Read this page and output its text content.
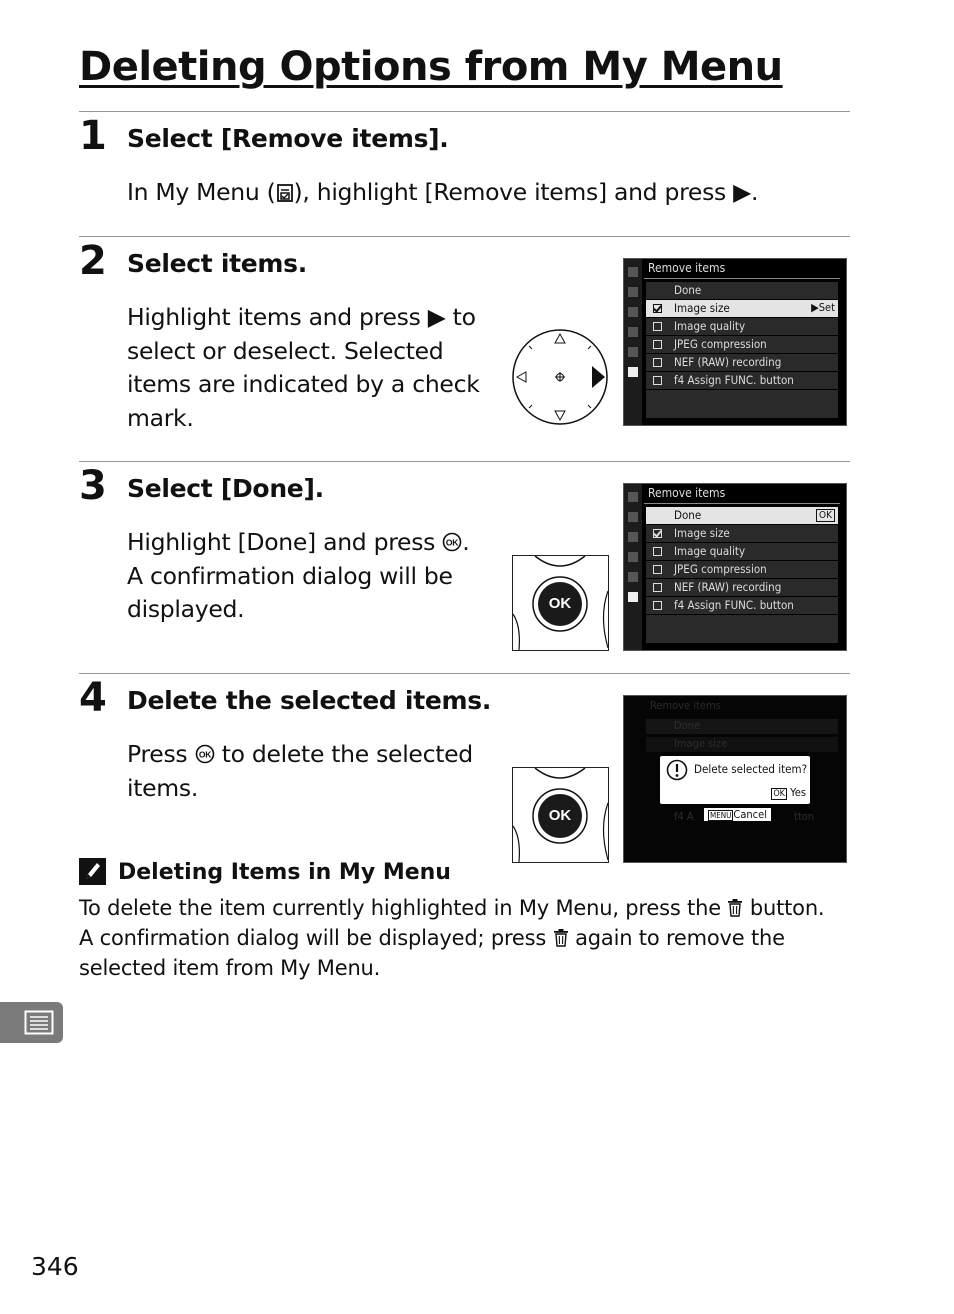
Deleting Options from My Menu
1 Select [Remove items].
In My Menu ( ), highlight [Remove items] and press ▶.
2 Select items.
Highlight items and press ▶ to
select or deselect. Selected
items are indicated by a check
mark.
Remove items
Done
Image size	▶Set
Image quality
JPEG compression
NEF (RAW) recording
f4 Assign FUNC. button
3 Select [Done].
Highlight [Done] and press OK .
A confirmation dialog will be
displayed.	OK
Remove items
Done	OK
Image size
Image quality
JPEG compression
NEF (RAW) recording
f4 Assign FUNC. button
4 Delete the selected items.
Press OK to delete the selected
items.
OK
Remove items
Done
Image size
f4 A	tton
Delete selected item?
OK Yes
MENU Cancel
Deleting Items in My Menu
To delete the item currently highlighted in My Menu, press the  button.
A confirmation dialog will be displayed; press  again to remove the
selected item from My Menu.
346
